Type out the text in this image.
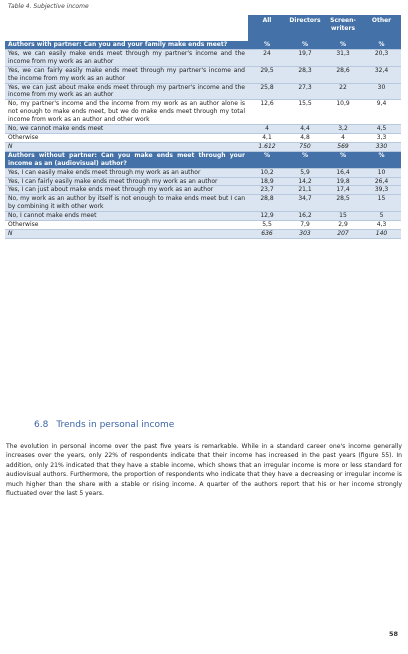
Table 4. Subjective income
	All	Directors	Screen-writers	Other
Authors with partner: Can you and your family make ends meet?	%	%	%	%
Yes, we can easily make ends meet through my partner's income and the income from my work as an author	24	19,7	31,3	20,3
Yes, we can fairly easily make ends meet through my partner's income and the income from my work as an author	29,5	28,3	28,6	32,4
Yes, we can just about make ends meet through my partner's income and the income from my work as an author	25,8	27,3	22	30
No, my partner's income and the income from my work as an author alone is not enough to make ends meet, but we do make ends meet through my total income from work as an author and other work	12,6	15,5	10,9	9,4
No, we cannot make ends meet	4	4,4	3,2	4,5
Otherwise	4,1	4,8	4	3,3
N	1.612	750	569	330
Authors without partner: Can you make ends meet through your income as an (audiovisual) author?	%	%	%	%
Yes, I can easily make ends meet through my work as an author	10,2	5,9	16,4	10
Yes, I can fairly easily make ends meet through my work as an author	18,9	14,2	19,8	26,4
Yes, I can just about make ends meet through my work as an author	23,7	21,1	17,4	39,3
No, my work as an author by itself is not enough to make ends meet but I can by combining it with other work	28,8	34,7	28,5	15
No, I cannot make ends meet	12,9	16,2	15	5
Otherwise	5,5	7,9	2,9	4,3
N	636	303	207	140
6.8 Trends in personal income
The evolution in personal income over the past five years is remarkable. While in a standard career one's income generally increases over the years, only 22% of respondents indicate that their income has increased in the past years (figure 55). In addition, only 21% indicated that they have a stable income, which shows that an irregular income is more or less standard for audiovisual authors. Furthermore, the proportion of respondents who indicate that they have a decreasing or irregular income is much higher than the share with a stable or rising income. A quarter of the authors report that his or her income strongly fluctuated over the last 5 years.
58
